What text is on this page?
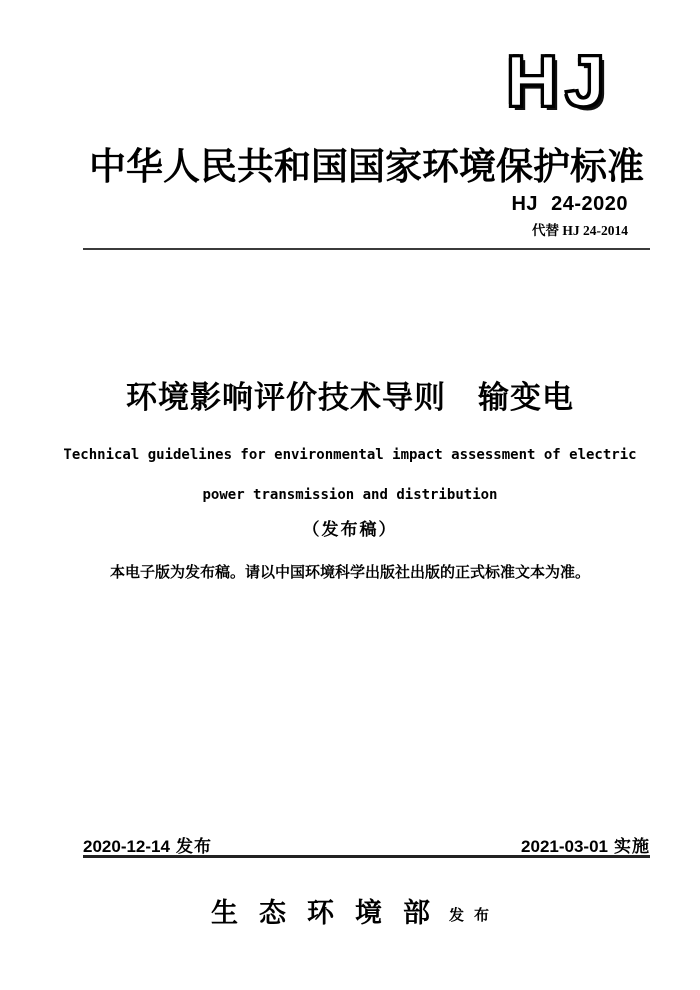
HJ
中华人民共和国国家环境保护标准
HJ 24-2020
代替 HJ 24-2014
环境影响评价技术导则　输变电
Technical guidelines for environmental impact assessment of electric
power transmission and distribution
（发布稿）
本电子版为发布稿。请以中国环境科学出版社出版的正式标准文本为准。
2020-12-14 发布	2021-03-01 实施
生态环境部发布
